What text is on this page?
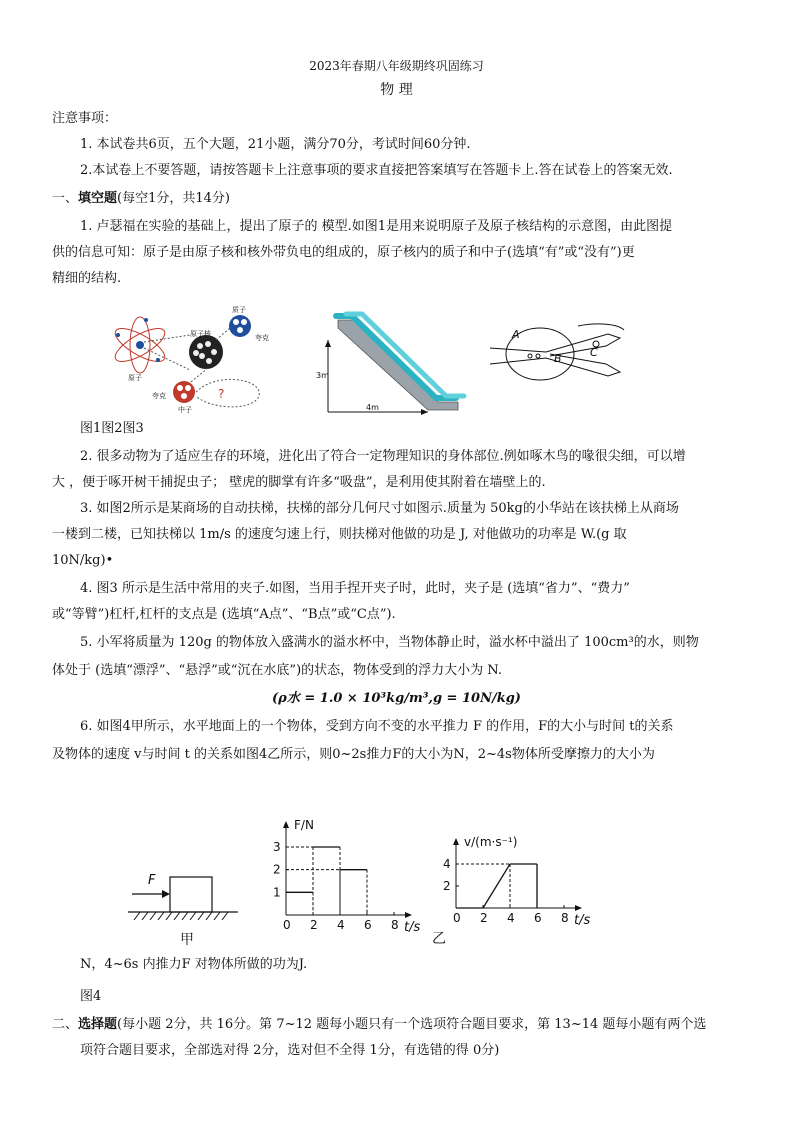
2023年春期八年级期终巩固练习
物 理
注意事项：
1. 本试卷共6页，五个大题，21小题，满分70分，考试时间60分钟.
2.本试卷上不要答题，请按答题卡上注意事项的要求直接把答案填写在答题卡上.答在试卷上的答案无效.
一、填空题(每空1分，共14分)
1. 卢瑟福在实验的基础上，提出了原子的 模型.如图1是用来说明原子及原子核结构的示意图，由此图提
供的信息可知：原子是由原子核和核外带负电的组成的，原子核内的质子和中子(选填“有”或“没有”)更
精细的结构.
质子
夸克
原子核
原子
夸克
中子
?
3m
4m
A
B	C
图1图2图3
2. 很多动物为了适应生存的环境，进化出了符合一定物理知识的身体部位.例如啄木鸟的喙很尖细，可以增
大 ，便于啄开树干捕捉虫子； 壁虎的脚掌有许多“吸盘”，是利用使其附着在墙壁上的.
3. 如图2所示是某商场的自动扶梯，扶梯的部分几何尺寸如图示.质量为 50kg的小华站在该扶梯上从商场
一楼到二楼，已知扶梯以 1m/s 的速度匀速上行，则扶梯对他做的功是 J, 对他做功的功率是 W.(g 取
10N/kg)•
4. 图3 所示是生活中常用的夹子.如图，当用手捏开夹子时，此时，夹子是 (选填“省力”、“费力”
或“等臂”)杠杆,杠杆的支点是 (选填“A点”、“B点”或“C点”).
5. 小军将质量为 120g 的物体放入盛满水的溢水杯中，当物体静止时，溢水杯中溢出了 100cm³的水，则物
体处于 (选填“漂浮”、“悬浮”或“沉在水底”)的状态，物体受到的浮力大小为 N.
(ρ水 = 1.0 × 10³kg/m³,g = 10N/kg)
6. 如图4甲所示，水平地面上的一个物体，受到方向不变的水平推力 F 的作用，F的大小与时间 t的关系
及物体的速度 v与时间 t 的关系如图4乙所示，则0~2s推力F的大小为N，2~4s物体所受摩擦力的大小为
F
甲
0 2 4 6 8
1
2
3
t/s
F/N
0 2 4 6 8
2
4
t/s
v/(m·s⁻¹)
乙
N，4~6s 内推力F 对物体所做的功为J.
图4
二、选择题(每小题 2分，共 16分。第 7~12 题每小题只有一个选项符合题目要求，第 13~14 题每小题有两个选
项符合题目要求，全部选对得 2分，选对但不全得 1分，有选错的得 0分)
